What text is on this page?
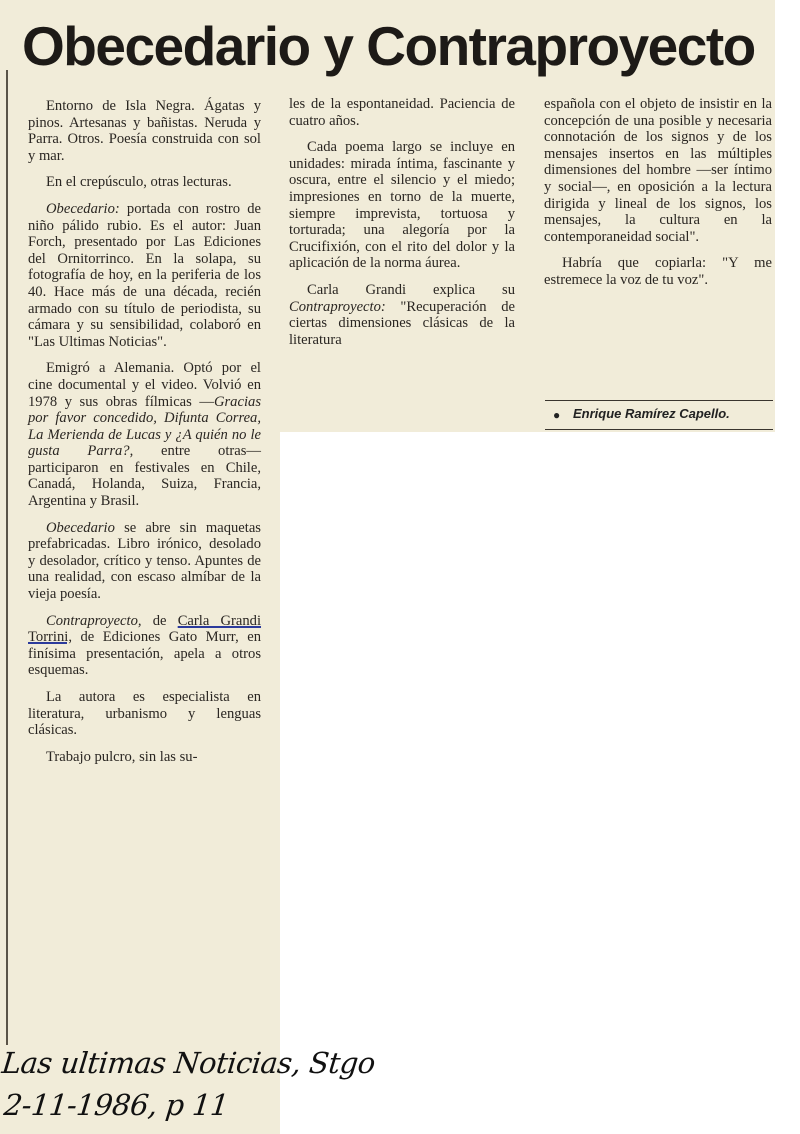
Obecedario y Contraproyecto

Entorno de Isla Negra. Ágatas y pinos. Artesanas y bañistas. Neruda y Parra. Otros. Poesía construida con sol y mar.

En el crepúsculo, otras lecturas.

Obecedario: portada con rostro de niño pálido rubio. Es el autor: Juan Forch, presentado por Las Ediciones del Ornitorrinco. En la solapa, su fotografía de hoy, en la periferia de los 40. Hace más de una década, recién armado con su título de periodista, su cámara y su sensibilidad, colaboró en "Las Ultimas Noticias".

Emigró a Alemania. Optó por el cine documental y el video. Volvió en 1978 y sus obras fílmicas —Gracias por favor concedido, Difunta Correa, La Merienda de Lucas y ¿A quién no le gusta Parra?, entre otras— participaron en festivales en Chile, Canadá, Holanda, Suiza, Francia, Argentina y Brasil.

Obecedario se abre sin maquetas prefabricadas. Libro irónico, desolado y desolador, crítico y tenso. Apuntes de una realidad, con escaso almíbar de la vieja poesía.

Contraproyecto, de Carla Grandi Torrini, de Ediciones Gato Murr, en finísima presentación, apela a otros esquemas.

La autora es especialista en literatura, urbanismo y lenguas clásicas.

Trabajo pulcro, sin las su-

les de la espontaneidad. Paciencia de cuatro años.

Cada poema largo se incluye en unidades: mirada íntima, fascinante y oscura, entre el silencio y el miedo; impresiones en torno de la muerte, siempre imprevista, tortuosa y torturada; una alegoría por la Crucifixión, con el rito del dolor y la aplicación de la norma áurea.

Carla Grandi explica su Contraproyecto: "Recuperación de ciertas dimensiones clásicas de la literatura

española con el objeto de insistir en la concepción de una posible y necesaria connotación de los signos y de los mensajes insertos en las múltiples dimensiones del hombre —ser íntimo y social—, en oposición a la lectura dirigida y lineal de los signos, los mensajes, la cultura en la contemporaneidad social".

Habría que copiarla: "Y me estremece la voz de tu voz".

● Enrique Ramírez Capello.
Las ultimas Noticias, Stgo
2-11-1986, p 11
